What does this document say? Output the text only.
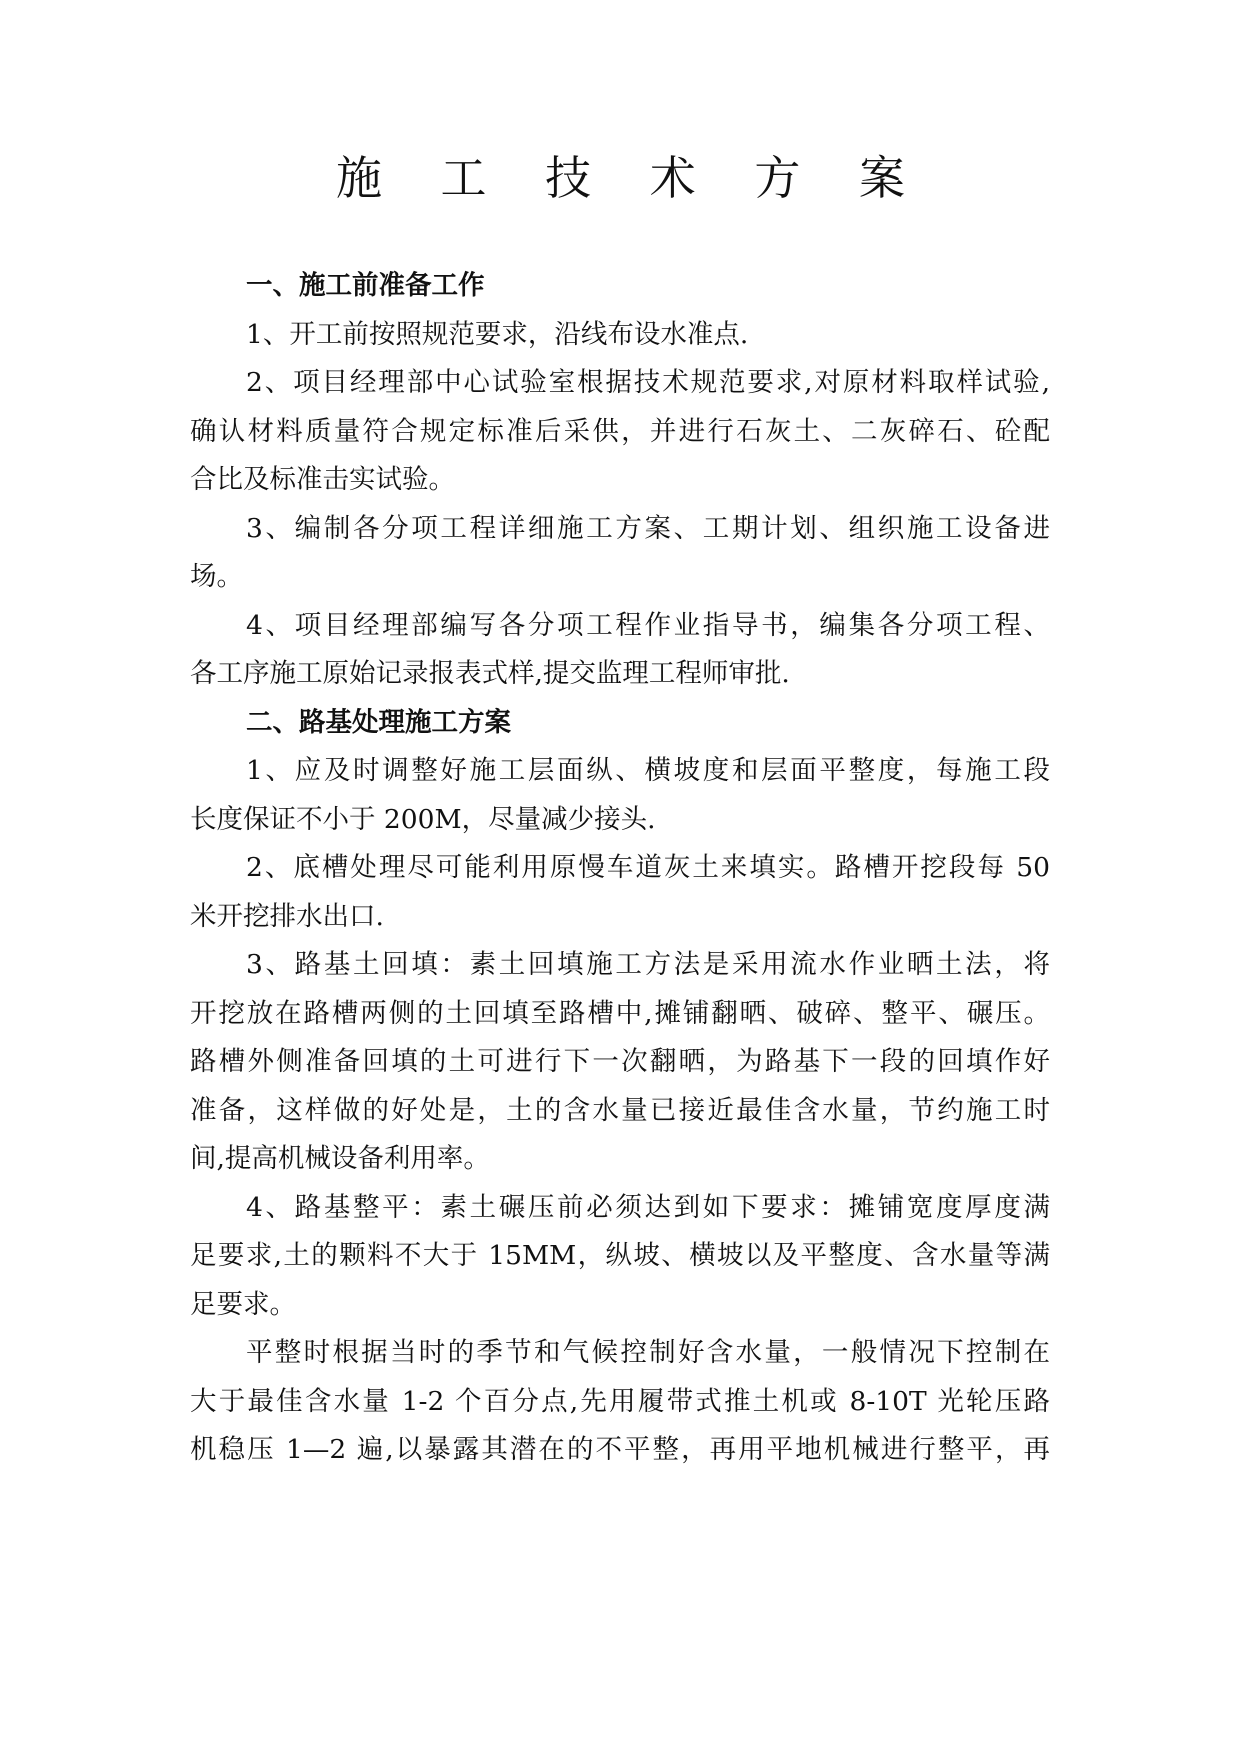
施 工 技 术 方 案
一、施工前准备工作

1、开工前按照规范要求，沿线布设水准点.

2、项目经理部中心试验室根据技术规范要求,对原材料取样试验,
确认材料质量符合规定标准后采供，并进行石灰土、二灰碎石、砼配
合比及标准击实试验。

3、编制各分项工程详细施工方案、工期计划、组织施工设备进
场。

4、项目经理部编写各分项工程作业指导书，编集各分项工程、
各工序施工原始记录报表式样,提交监理工程师审批.

二、路基处理施工方案

1、应及时调整好施工层面纵、横坡度和层面平整度，每施工段
长度保证不小于 200M，尽量减少接头.

2、底槽处理尽可能利用原慢车道灰土来填实。路槽开挖段每 50
米开挖排水出口.

3、路基土回填：素土回填施工方法是采用流水作业晒土法，将
开挖放在路槽两侧的土回填至路槽中,摊铺翻晒、破碎、整平、碾压。
路槽外侧准备回填的土可进行下一次翻晒，为路基下一段的回填作好
准备，这样做的好处是，土的含水量已接近最佳含水量，节约施工时
间,提高机械设备利用率。

4、路基整平：素土碾压前必须达到如下要求：摊铺宽度厚度满
足要求,土的颗料不大于 15MM，纵坡、横坡以及平整度、含水量等满
足要求。

平整时根据当时的季节和气候控制好含水量，一般情况下控制在
大于最佳含水量 1-2 个百分点,先用履带式推土机或 8-10T 光轮压路
机稳压 1—2 遍,以暴露其潜在的不平整，再用平地机械进行整平，再
